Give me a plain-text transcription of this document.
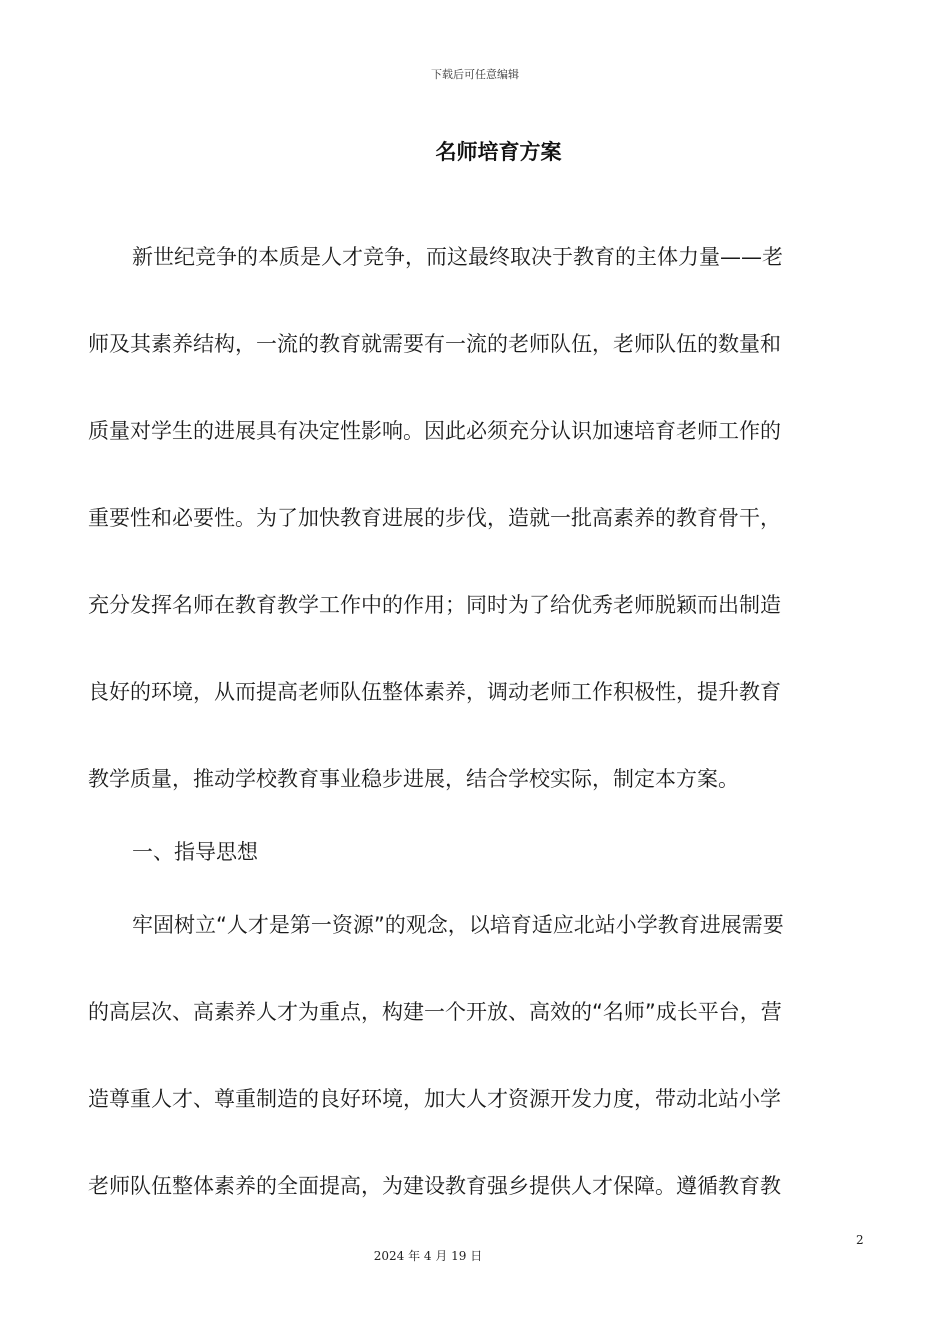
下载后可任意编辑
名师培育方案
新世纪竞争的本质是人才竞争，而这最终取决于教育的主体力量——老
师及其素养结构，一流的教育就需要有一流的老师队伍，老师队伍的数量和
质量对学生的进展具有决定性影响。因此必须充分认识加速培育老师工作的
重要性和必要性。为了加快教育进展的步伐，造就一批高素养的教育骨干，
充分发挥名师在教育教学工作中的作用；同时为了给优秀老师脱颖而出制造
良好的环境，从而提高老师队伍整体素养，调动老师工作积极性，提升教育
教学质量，推动学校教育事业稳步进展，结合学校实际，制定本方案。
一、指导思想
牢固树立“人才是第一资源”的观念，以培育适应北站小学教育进展需要
的高层次、高素养人才为重点，构建一个开放、高效的“名师”成长平台，营
造尊重人才、尊重制造的良好环境，加大人才资源开发力度，带动北站小学
老师队伍整体素养的全面提高，为建设教育强乡提供人才保障。遵循教育教
2
2024 年 4 月 19 日
